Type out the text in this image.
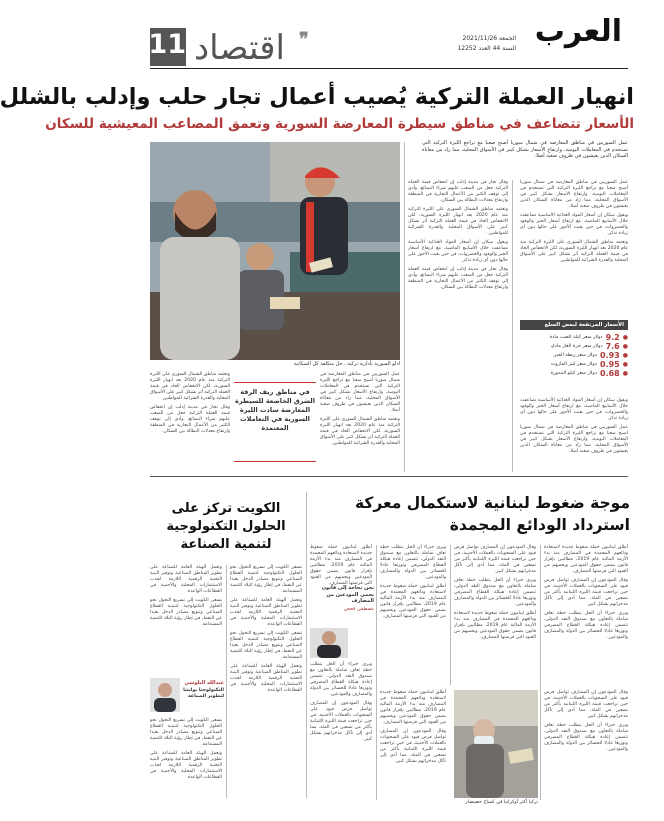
العرب
الجمعة 2021/11/26
السنة 44 العدد 12252
اقتصاد ❞
11
انهيار العملة التركية يُصيب أعمال تجار حلب وإدلب بالشلل
الأسعار تتضاعف في مناطق سيطرة المعارضة السورية وتعمق المصاعب المعيشية للسكان
عمل السوريين في مناطق المعارضة في شمال سوريا أصبح صعبا مع تراجع الليرة التركية التي تستخدم في المعاملات اليومية، وارتفاع الأسعار بشكل كبير في الأسواق المحلية، مما زاد من معاناة السكان الذين يعيشون في ظروف صعبة أصلا.
ادلو السورية بأدارية تركية.. حل متكلفة كل السكانية

وقال تجار في مدينة إدلب إن انخفاض قيمة العملة التركية جعل من الصعب عليهم شراء البضائع، وأدى إلى توقف الكثير من الأعمال التجارية في المنطقة وارتفاع معدلات البطالة بين السكان.

وتعتمد مناطق الشمال السوري على الليرة التركية منذ عام 2020 بعد انهيار الليرة السورية، لكن الانخفاض الحاد في قيمة العملة التركية أثر بشكل كبير على الأسواق المحلية والقدرة الشرائية للمواطنين.

ويقول سكان إن أسعار المواد الغذائية الأساسية تضاعفت خلال الأسابيع الماضية، مع ارتفاع أسعار الخبز والوقود والخضروات، في حين بقيت الأجور على حالها دون أي زيادة تذكر.

وقال تجار في مدينة إدلب إن انخفاض قيمة العملة التركية جعل من الصعب عليهم شراء البضائع، وأدى إلى توقف الكثير من الأعمال التجارية في المنطقة وارتفاع معدلات البطالة بين السكان.

عمل السوريين في مناطق المعارضة في شمال سوريا أصبح صعبا مع تراجع الليرة التركية التي تستخدم في المعاملات اليومية، وارتفاع الأسعار بشكل كبير في الأسواق المحلية، مما زاد من معاناة السكان الذين يعيشون في ظروف صعبة أصلا.

ويقول سكان إن أسعار المواد الغذائية الأساسية تضاعفت خلال الأسابيع الماضية، مع ارتفاع أسعار الخبز والوقود والخضروات، في حين بقيت الأجور على حالها دون أي زيادة تذكر.

وتعتمد مناطق الشمال السوري على الليرة التركية منذ عام 2020 بعد انهيار الليرة السورية، لكن الانخفاض الحاد في قيمة العملة التركية أثر بشكل كبير على الأسواق المحلية والقدرة الشرائية للمواطنين.

الأسعار المرتفعة لبعض السلع
●
9.2
دولار سعر كيلة الصب مادة
●
7.6
دولار سعر جرة الغاز مادي
●
0.93
دولار سعر ربطة الخبز
●
0.95
دولار سعر ليتر المازوت
●
0.68
دولار سعر كيلو البندورة

ويقول سكان إن أسعار المواد الغذائية الأساسية تضاعفت خلال الأسابيع الماضية، مع ارتفاع أسعار الخبز والوقود والخضروات، في حين بقيت الأجور على حالها دون أي زيادة تذكر.

عمل السوريين في مناطق المعارضة في شمال سوريا أصبح صعبا مع تراجع الليرة التركية التي تستخدم في المعاملات اليومية، وارتفاع الأسعار بشكل كبير في الأسواق المحلية، مما زاد من معاناة السكان الذين يعيشون في ظروف صعبة أصلا.

وتعتمد مناطق الشمال السوري على الليرة التركية منذ عام 2020 بعد انهيار الليرة السورية، لكن الانخفاض الحاد في قيمة العملة التركية أثر بشكل كبير على الأسواق المحلية والقدرة الشرائية للمواطنين.

وقال تجار في مدينة إدلب إن انخفاض قيمة العملة التركية جعل من الصعب عليهم شراء البضائع، وأدى إلى توقف الكثير من الأعمال التجارية في المنطقة وارتفاع معدلات البطالة بين السكان.

عمل السوريين في مناطق المعارضة في شمال سوريا أصبح صعبا مع تراجع الليرة التركية التي تستخدم في المعاملات اليومية، وارتفاع الأسعار بشكل كبير في الأسواق المحلية، مما زاد من معاناة السكان الذين يعيشون في ظروف صعبة أصلا.

وتعتمد مناطق الشمال السوري على الليرة التركية منذ عام 2020 بعد انهيار الليرة السورية، لكن الانخفاض الحاد في قيمة العملة التركية أثر بشكل كبير على الأسواق المحلية والقدرة الشرائية للمواطنين.

في مناطق ريف الرقة الشرق الخاضعة للسيطرة المعارضة سادت الليرة السورية في التعاملات المعتمدة
موجة ضغوط لبنانية لاستكمال معركة استرداد الودائع المجمدة

أطلق لبنانيون حملة ضغوط جديدة لاستعادة ودائعهم المجمدة في المصارف منذ بدء الأزمة المالية عام 2019، مطالبين بإقرار قانون يضمن حقوق المودعين ويحميهم من القيود التي فرضتها المصارف.

وقال المودعون إن المصارف تواصل فرض قيود على السحوبات بالعملات الأجنبية، في حين تراجعت قيمة الليرة اللبنانية بأكثر من تسعين في المئة، مما أدى إلى تآكل مدخراتهم بشكل كبير.

ويرى خبراء أن الحل يتطلب خطة تعاف شاملة بالتعاون مع صندوق النقد الدولي، تتضمن إعادة هيكلة القطاع المصرفي وتوزيعا عادلا للخسائر بين الدولة والمصارف والمودعين.

وقال المودعون إن المصارف تواصل فرض قيود على السحوبات بالعملات الأجنبية، في حين تراجعت قيمة الليرة اللبنانية بأكثر من تسعين في المئة، مما أدى إلى تآكل مدخراتهم بشكل كبير.

ويرى خبراء أن الحل يتطلب خطة تعاف شاملة بالتعاون مع صندوق النقد الدولي، تتضمن إعادة هيكلة القطاع المصرفي وتوزيعا عادلا للخسائر بين الدولة والمصارف والمودعين.

أطلق لبنانيون حملة ضغوط جديدة لاستعادة ودائعهم المجمدة في المصارف منذ بدء الأزمة المالية عام 2019، مطالبين بإقرار قانون يضمن حقوق المودعين ويحميهم من القيود التي فرضتها المصارف.

ويرى خبراء أن الحل يتطلب خطة تعاف شاملة بالتعاون مع صندوق النقد الدولي، تتضمن إعادة هيكلة القطاع المصرفي وتوزيعا عادلا للخسائر بين الدولة والمصارف والمودعين.

أطلق لبنانيون حملة ضغوط جديدة لاستعادة ودائعهم المجمدة في المصارف منذ بدء الأزمة المالية عام 2019، مطالبين بإقرار قانون يضمن حقوق المودعين ويحميهم من القيود التي فرضتها المصارف.

وقال المودعون إن المصارف تواصل فرض قيود على السحوبات بالعملات الأجنبية، في حين تراجعت قيمة الليرة اللبنانية بأكثر من تسعين في المئة، مما أدى إلى تآكل مدخراتهم بشكل كبير.

ويرى خبراء أن الحل يتطلب خطة تعاف شاملة بالتعاون مع صندوق النقد الدولي، تتضمن إعادة هيكلة القطاع المصرفي وتوزيعا عادلا للخسائر بين الدولة والمصارف والمودعين.

تركيا أكثر أوكرانيا في كساح خصيصار
نحن بحاجة إلى قانون يحمي المودعين من المصارف
مصطفى فحص

أطلق لبنانيون حملة ضغوط جديدة لاستعادة ودائعهم المجمدة في المصارف منذ بدء الأزمة المالية عام 2019، مطالبين بإقرار قانون يضمن حقوق المودعين ويحميهم من القيود التي فرضتها المصارف.

ويرى خبراء أن الحل يتطلب خطة تعاف شاملة بالتعاون مع صندوق النقد الدولي، تتضمن إعادة هيكلة القطاع المصرفي وتوزيعا عادلا للخسائر بين الدولة والمصارف والمودعين.

وقال المودعون إن المصارف تواصل فرض قيود على السحوبات بالعملات الأجنبية، في حين تراجعت قيمة الليرة اللبنانية بأكثر من تسعين في المئة، مما أدى إلى تآكل مدخراتهم بشكل كبير.

أطلق لبنانيون حملة ضغوط جديدة لاستعادة ودائعهم المجمدة في المصارف منذ بدء الأزمة المالية عام 2019، مطالبين بإقرار قانون يضمن حقوق المودعين ويحميهم من القيود التي فرضتها المصارف.

وقال المودعون إن المصارف تواصل فرض قيود على السحوبات بالعملات الأجنبية، في حين تراجعت قيمة الليرة اللبنانية بأكثر من تسعين في المئة، مما أدى إلى تآكل مدخراتهم بشكل كبير.

الكويت تركز على الحلول التكنولوجية لتنمية الصناعة

تسعى الكويت إلى تسريع التحول نحو الحلول التكنولوجية لتنمية القطاع الصناعي وتنويع مصادر الدخل بعيدا عن النفط، في إطار رؤية البلاد للتنمية المستدامة.

وتعمل الهيئة العامة للصناعة على تطوير المناطق الصناعية وتوفير البنية التحتية الرقمية اللازمة لجذب الاستثمارات المحلية والأجنبية في القطاعات الواعدة.

تسعى الكويت إلى تسريع التحول نحو الحلول التكنولوجية لتنمية القطاع الصناعي وتنويع مصادر الدخل بعيدا عن النفط، في إطار رؤية البلاد للتنمية المستدامة.

وتعمل الهيئة العامة للصناعة على تطوير المناطق الصناعية وتوفير البنية التحتية الرقمية اللازمة لجذب الاستثمارات المحلية والأجنبية في القطاعات الواعدة.

وتعمل الهيئة العامة للصناعة على تطوير المناطق الصناعية وتوفير البنية التحتية الرقمية اللازمة لجذب الاستثمارات المحلية والأجنبية في القطاعات الواعدة.

تسعى الكويت إلى تسريع التحول نحو الحلول التكنولوجية لتنمية القطاع الصناعي وتنويع مصادر الدخل بعيدا عن النفط، في إطار رؤية البلاد للتنمية المستدامة.

عبدالله البلوشي
التكنولوجيا بوابتنا لتطوير الصناعة

تسعى الكويت إلى تسريع التحول نحو الحلول التكنولوجية لتنمية القطاع الصناعي وتنويع مصادر الدخل بعيدا عن النفط، في إطار رؤية البلاد للتنمية المستدامة.

وتعمل الهيئة العامة للصناعة على تطوير المناطق الصناعية وتوفير البنية التحتية الرقمية اللازمة لجذب الاستثمارات المحلية والأجنبية في القطاعات الواعدة.
